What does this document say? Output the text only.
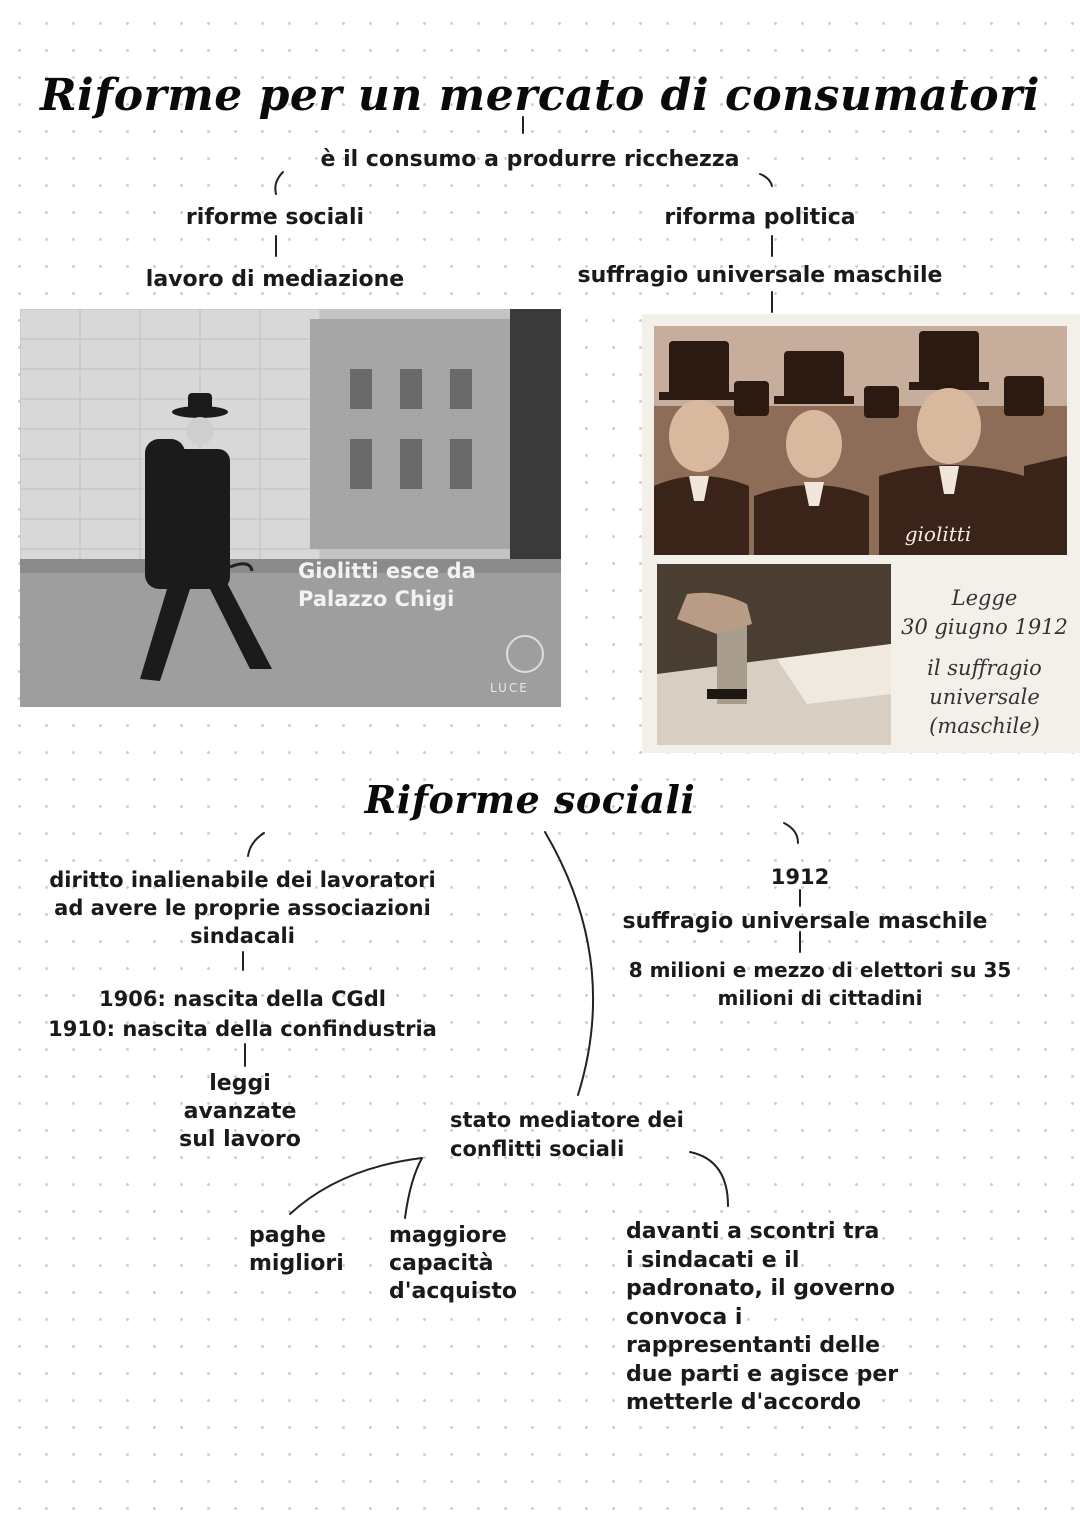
Riforme per un mercato di consumatori
è il consumo a produrre ricchezza
riforme sociali
lavoro di mediazione
riforma politica
suffragio universale maschile
Giolitti esce da
Palazzo Chigi
LUCE
giolitti
Legge
30 giugno 1912
il suffragio
universale
(maschile)
Riforme sociali
diritto inalienabile dei lavoratori
ad avere le proprie associazioni
sindacali
1906: nascita della CGdl
1910: nascita della confindustria
leggi
avanzate
sul lavoro
1912
suffragio universale maschile
8 milioni e mezzo di elettori su 35
milioni di cittadini
stato mediatore dei
conflitti sociali
paghe
migliori
maggiore
capacità
d'acquisto
davanti a scontri tra
i sindacati e il
padronato, il governo
convoca i
rappresentanti delle
due parti e agisce per
metterle d'accordo
